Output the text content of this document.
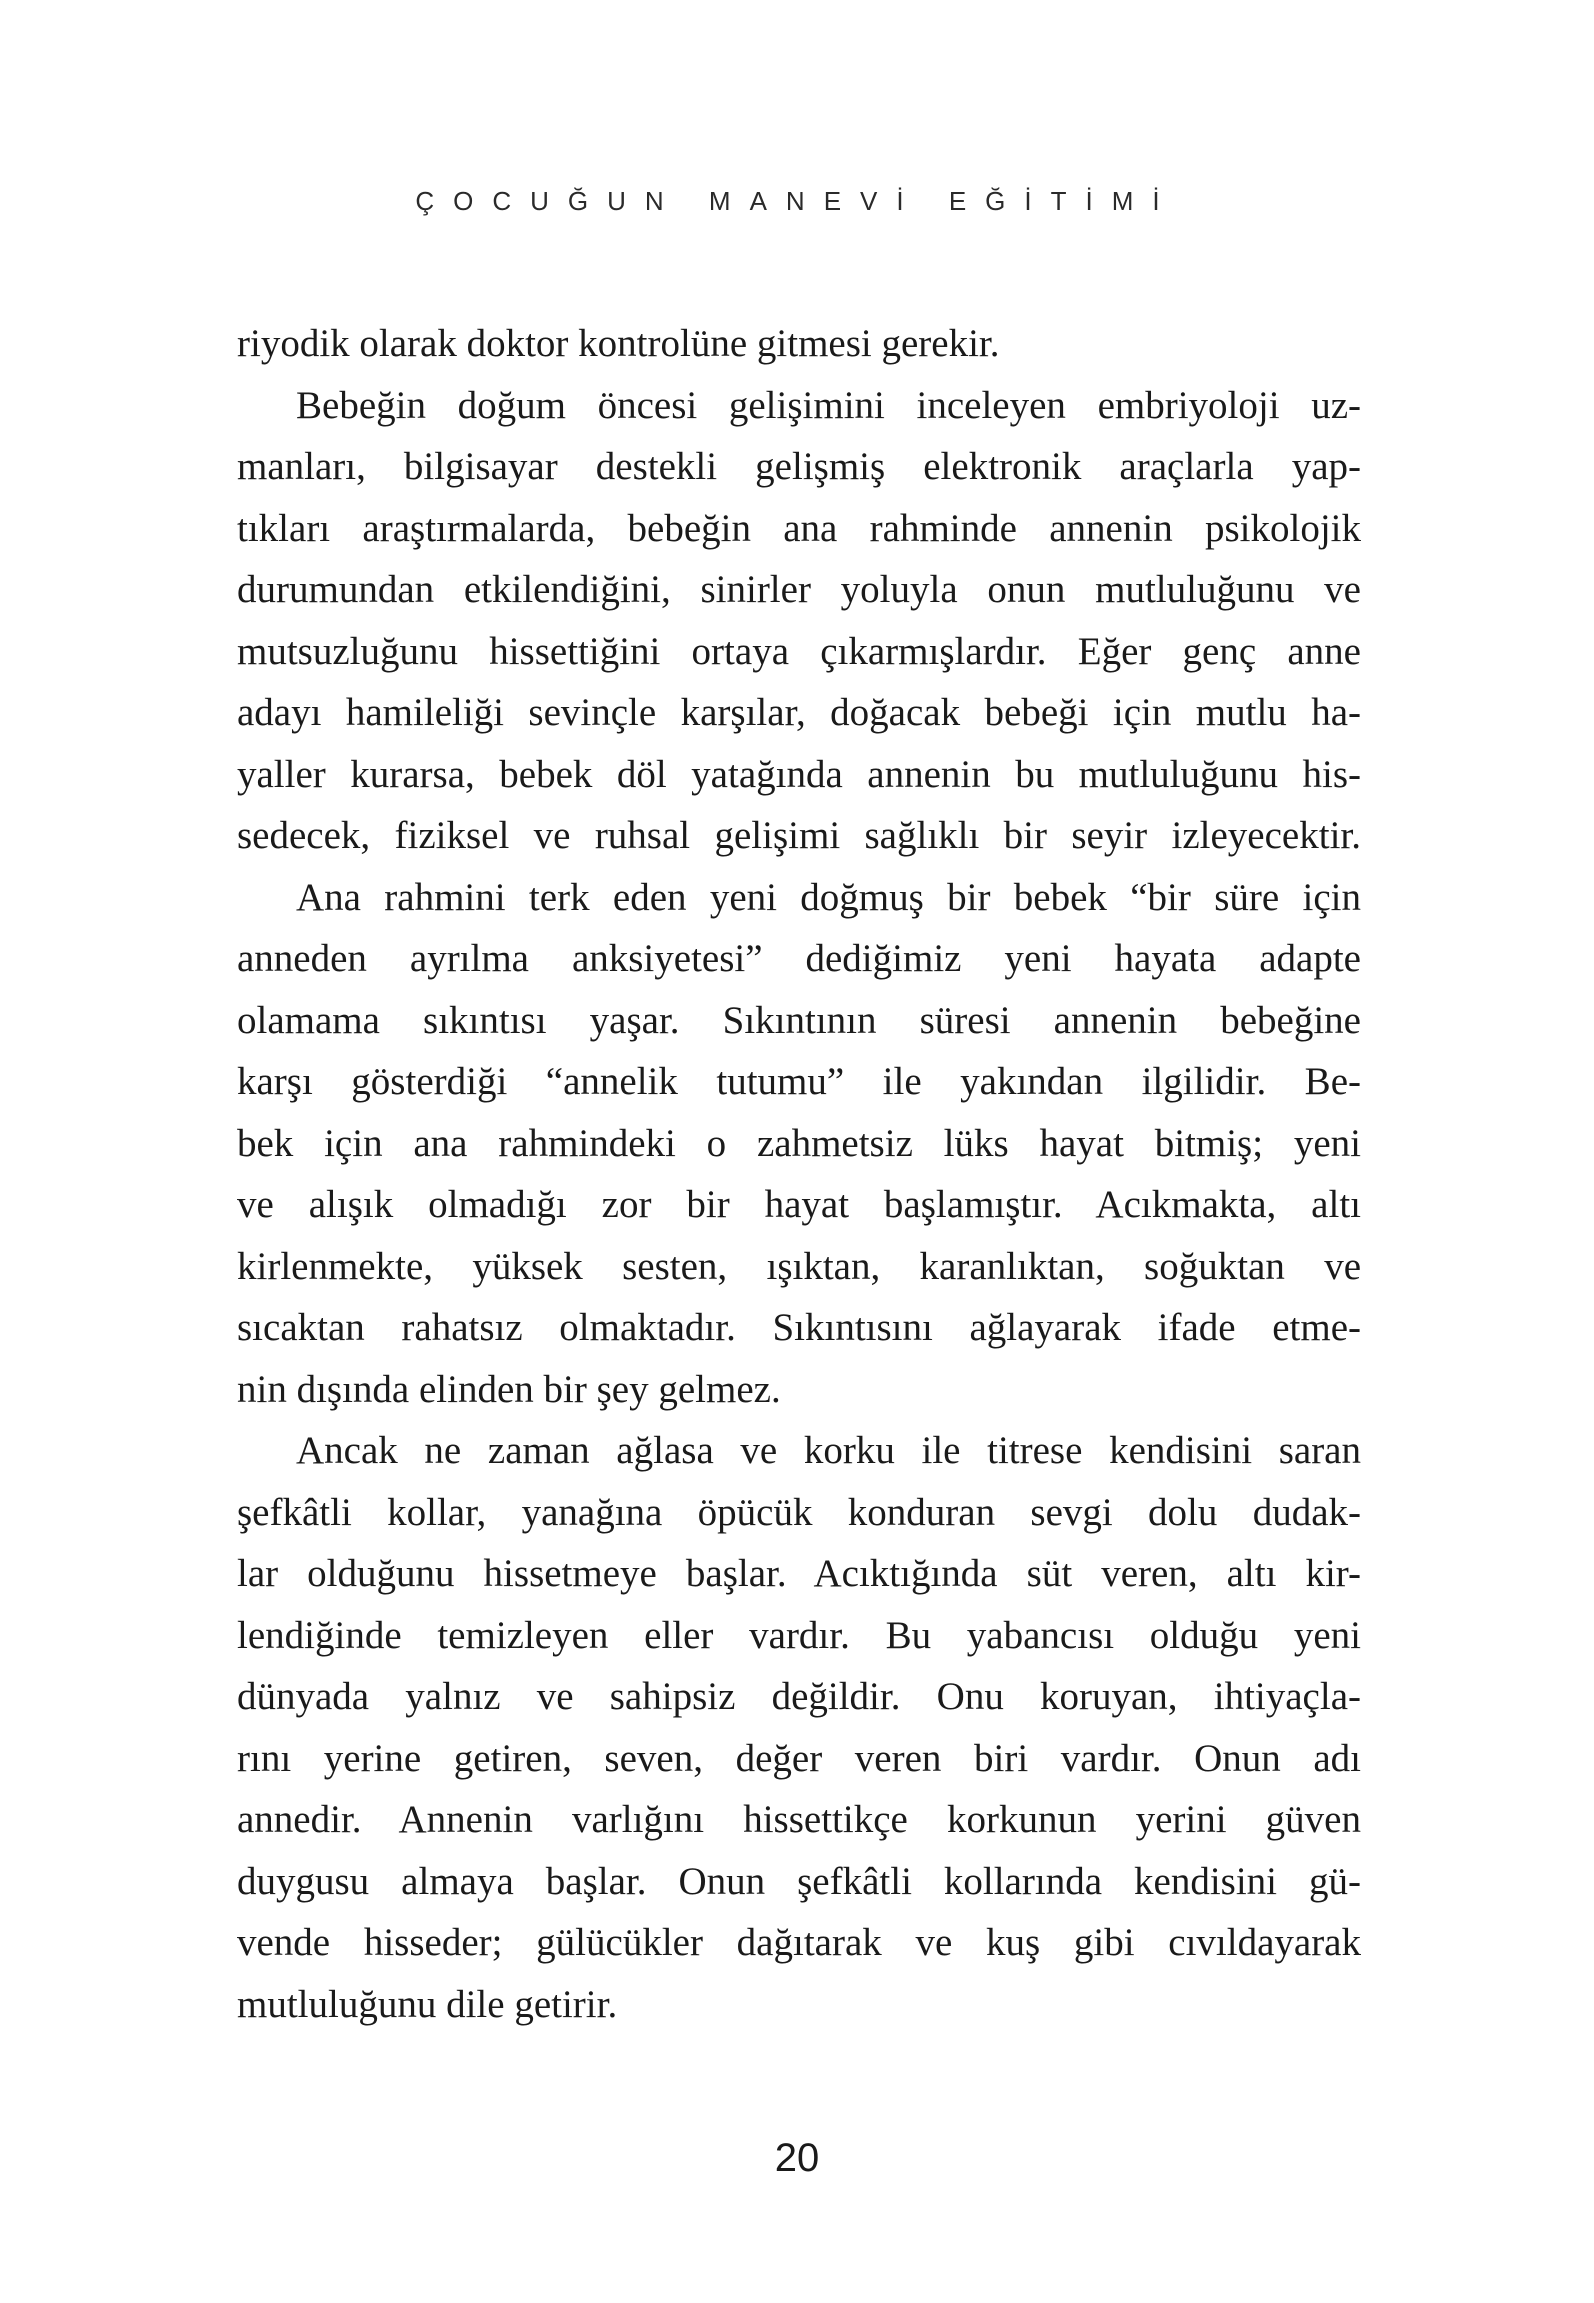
ÇOCUĞUN MANEVİ EĞİTİMİ
riyodik olarak doktor kontrolüne gitmesi gerekir.
Bebeğin doğum öncesi gelişimini inceleyen embriyoloji uz-
manları, bilgisayar destekli gelişmiş elektronik araçlarla yap-
tıkları araştırmalarda, bebeğin ana rahminde annenin psikolojik
durumundan etkilendiğini, sinirler yoluyla onun mutluluğunu ve
mutsuzluğunu hissettiğini ortaya çıkarmışlardır. Eğer genç anne
adayı hamileliği sevinçle karşılar, doğacak bebeği için mutlu ha-
yaller kurarsa, bebek döl yatağında annenin bu mutluluğunu his-
sedecek, fiziksel ve ruhsal gelişimi sağlıklı bir seyir izleyecektir.
Ana rahmini terk eden yeni doğmuş bir bebek “bir süre için
anneden ayrılma anksiyetesi” dediğimiz yeni hayata adapte
olamama sıkıntısı yaşar. Sıkıntının süresi annenin bebeğine
karşı gösterdiği “annelik tutumu” ile yakından ilgilidir. Be-
bek için ana rahmindeki o zahmetsiz lüks hayat bitmiş; yeni
ve alışık olmadığı zor bir hayat başlamıştır. Acıkmakta, altı
kirlenmekte, yüksek sesten, ışıktan, karanlıktan, soğuktan ve
sıcaktan rahatsız olmaktadır. Sıkıntısını ağlayarak ifade etme-
nin dışında elinden bir şey gelmez.
Ancak ne zaman ağlasa ve korku ile titrese kendisini saran
şefkâtli kollar, yanağına öpücük konduran sevgi dolu dudak-
lar olduğunu hissetmeye başlar. Acıktığında süt veren, altı kir-
lendiğinde temizleyen eller vardır. Bu yabancısı olduğu yeni
dünyada yalnız ve sahipsiz değildir. Onu koruyan, ihtiyaçla-
rını yerine getiren, seven, değer veren biri vardır. Onun adı
annedir. Annenin varlığını hissettikçe korkunun yerini güven
duygusu almaya başlar. Onun şefkâtli kollarında kendisini gü-
vende hisseder; gülücükler dağıtarak ve kuş gibi cıvıldayarak
mutluluğunu dile getirir.
20
